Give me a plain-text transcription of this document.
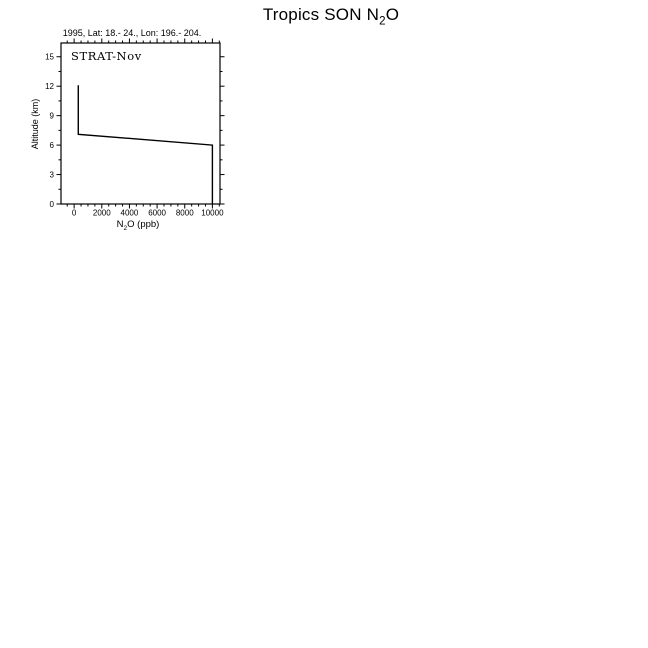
Tropics SON $N_2O$
1995, Lat: 18.- 24., Lon: 196.- 204.
0 2000 4000 6000 8000 10000
0
3
6
9
12
15 STRAT-Nov
Altitude (km)
$N_2O$ (ppb)
